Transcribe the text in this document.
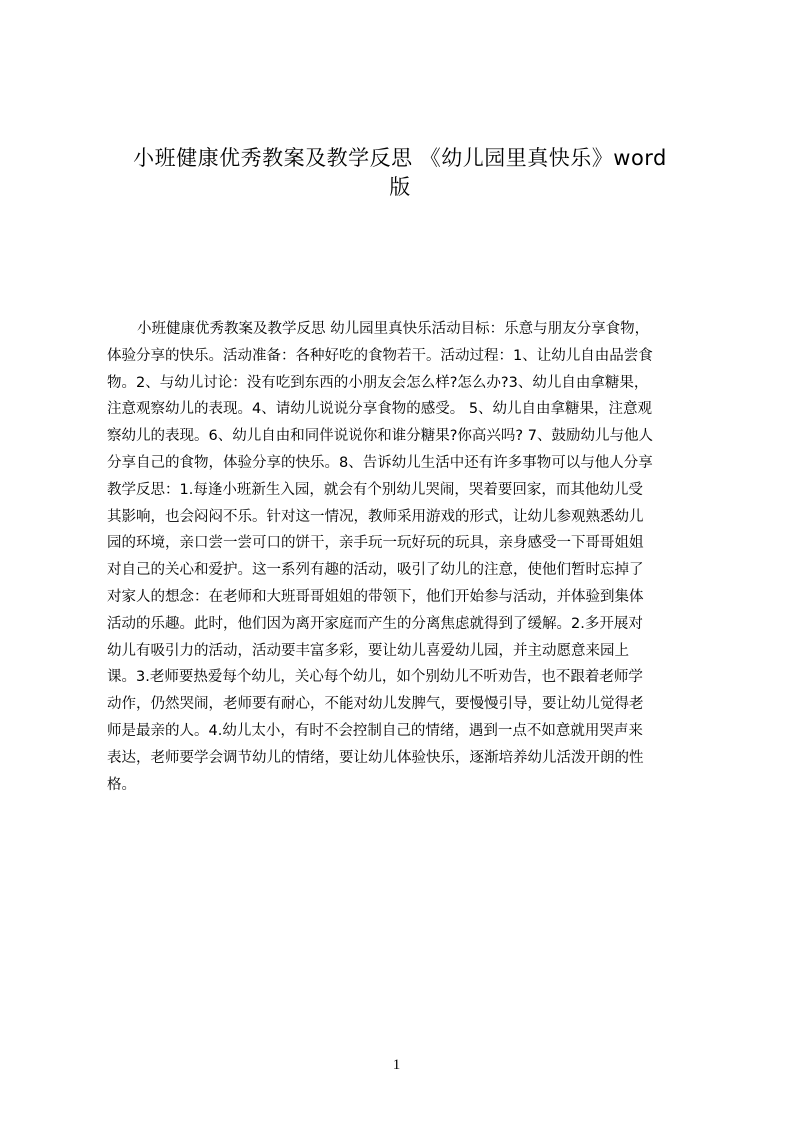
小班健康优秀教案及教学反思 《幼儿园里真快乐》word
版
小班健康优秀教案及教学反思 幼儿园里真快乐活动目标：乐意与朋友分享食物，
体验分享的快乐。活动准备：各种好吃的食物若干。活动过程：1、让幼儿自由品尝食
物。2、与幼儿讨论：没有吃到东西的小朋友会怎么样?怎么办?3、幼儿自由拿糖果，
注意观察幼儿的表现。4、请幼儿说说分享食物的感受。 5、幼儿自由拿糖果，注意观
察幼儿的表现。6、幼儿自由和同伴说说你和谁分糖果?你高兴吗? 7、鼓励幼儿与他人
分享自己的食物，体验分享的快乐。8、告诉幼儿生活中还有许多事物可以与他人分享
教学反思：1.每逢小班新生入园，就会有个别幼儿哭闹，哭着要回家，而其他幼儿受
其影响，也会闷闷不乐。针对这一情况，教师采用游戏的形式，让幼儿参观熟悉幼儿
园的环境，亲口尝一尝可口的饼干，亲手玩一玩好玩的玩具，亲身感受一下哥哥姐姐
对自己的关心和爱护。这一系列有趣的活动，吸引了幼儿的注意，使他们暂时忘掉了
对家人的想念：在老师和大班哥哥姐姐的带领下，他们开始参与活动，并体验到集体
活动的乐趣。此时，他们因为离开家庭而产生的分离焦虑就得到了缓解。2.多开展对
幼儿有吸引力的活动，活动要丰富多彩，要让幼儿喜爱幼儿园，并主动愿意来园上
课。3.老师要热爱每个幼儿，关心每个幼儿，如个别幼儿不听劝告，也不跟着老师学
动作，仍然哭闹，老师要有耐心，不能对幼儿发脾气，要慢慢引导，要让幼儿觉得老
师是最亲的人。4.幼儿太小，有时不会控制自己的情绪，遇到一点不如意就用哭声来
表达，老师要学会调节幼儿的情绪，要让幼儿体验快乐，逐渐培养幼儿活泼开朗的性
格。
1
